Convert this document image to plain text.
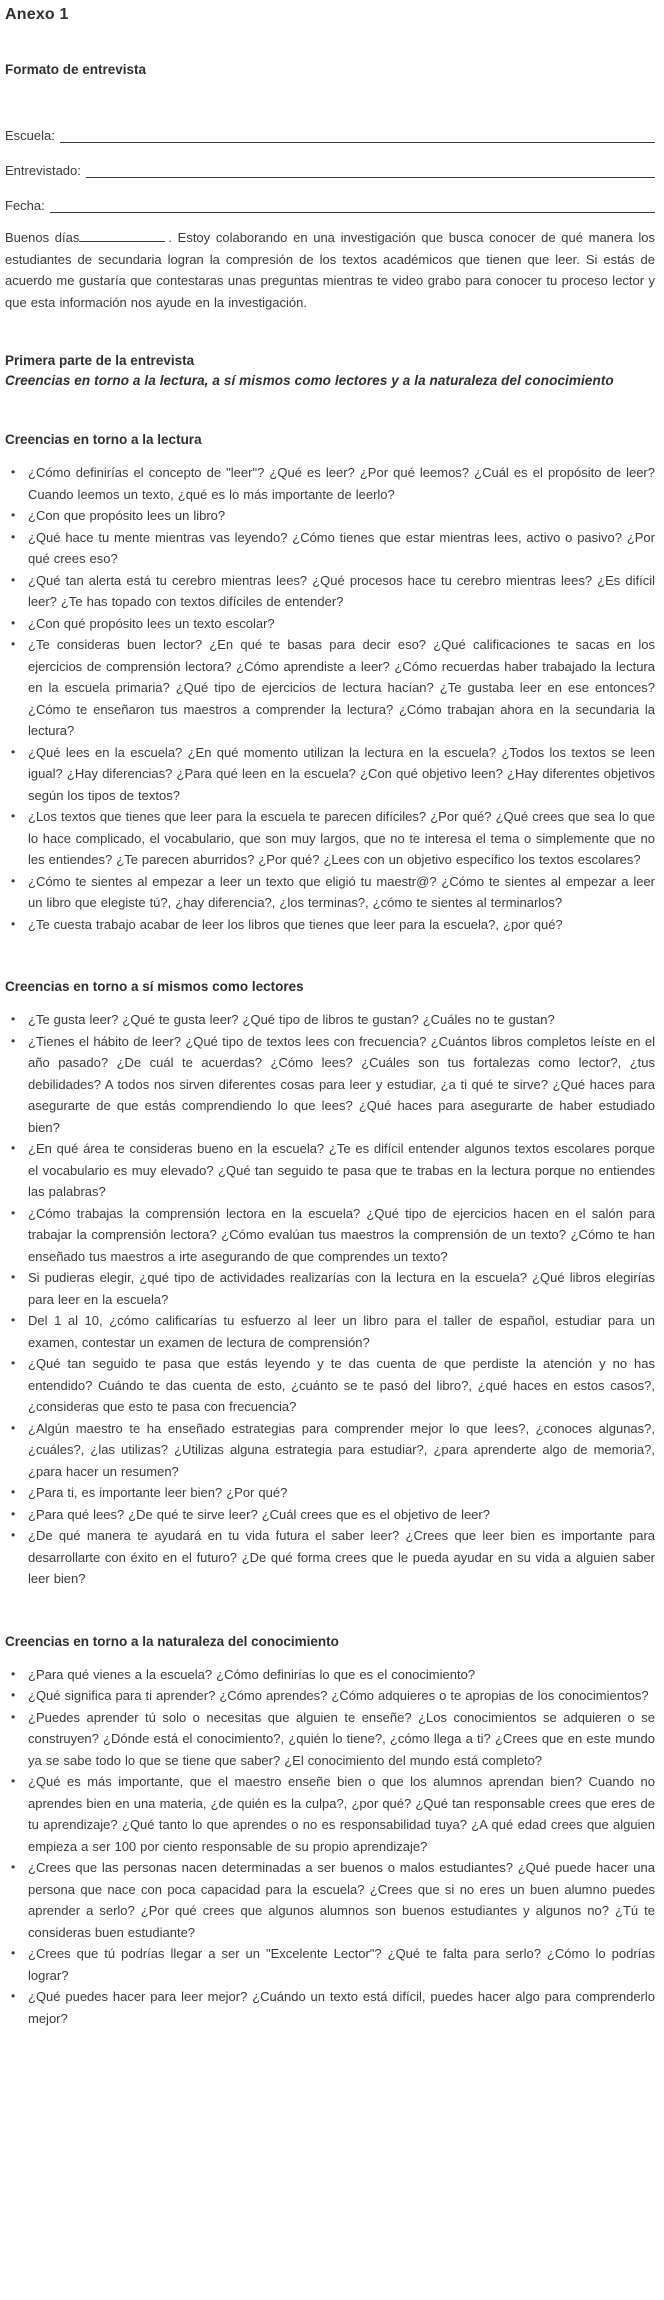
Anexo 1
Formato de entrevista
Escuela:
Entrevistado:
Fecha:

Buenos días	. Estoy colaborando en una investigación que busca conocer de qué manera los estudiantes de secundaria logran la compresión de los textos académicos que tienen que leer. Si estás de acuerdo me gustaría que contestaras unas preguntas mientras te video grabo para conocer tu proceso lector y que esta información nos ayude en la investigación.

Primera parte de la entrevista

Creencias en torno a la lectura, a sí mismos como lectores y a la naturaleza del conocimiento

Creencias en torno a la lectura
• ¿Cómo definirías el concepto de "leer"? ¿Qué es leer? ¿Por qué leemos? ¿Cuál es el propósito de leer? Cuando leemos un texto, ¿qué es lo más importante de leerlo?
• ¿Con que propósito lees un libro?
• ¿Qué hace tu mente mientras vas leyendo? ¿Cómo tienes que estar mientras lees, activo o pasivo? ¿Por qué crees eso?
• ¿Qué tan alerta está tu cerebro mientras lees? ¿Qué procesos hace tu cerebro mientras lees? ¿Es difícil leer? ¿Te has topado con textos difíciles de entender?
• ¿Con qué propósito lees un texto escolar?
• ¿Te consideras buen lector? ¿En qué te basas para decir eso? ¿Qué calificaciones te sacas en los ejercicios de comprensión lectora? ¿Cómo aprendiste a leer? ¿Cómo recuerdas haber trabajado la lectura en la escuela primaria? ¿Qué tipo de ejercicios de lectura hacían? ¿Te gustaba leer en ese entonces? ¿Cómo te enseñaron tus maestros a comprender la lectura? ¿Cómo trabajan ahora en la secundaria la lectura?
• ¿Qué lees en la escuela? ¿En qué momento utilizan la lectura en la escuela? ¿Todos los textos se leen igual? ¿Hay diferencias? ¿Para qué leen en la escuela? ¿Con qué objetivo leen? ¿Hay diferentes objetivos según los tipos de textos?
• ¿Los textos que tienes que leer para la escuela te parecen difíciles? ¿Por qué? ¿Qué crees que sea lo que lo hace complicado, el vocabulario, que son muy largos, que no te interesa el tema o simplemente que no les entiendes? ¿Te parecen aburridos? ¿Por qué? ¿Lees con un objetivo específico los textos escolares?
• ¿Cómo te sientes al empezar a leer un texto que eligió tu maestr@? ¿Cómo te sientes al empezar a leer un libro que elegiste tú?, ¿hay diferencia?, ¿los terminas?, ¿cómo te sientes al terminarlos?
• ¿Te cuesta trabajo acabar de leer los libros que tienes que leer para la escuela?, ¿por qué?
Creencias en torno a sí mismos como lectores
• ¿Te gusta leer? ¿Qué te gusta leer? ¿Qué tipo de libros te gustan? ¿Cuáles no te gustan?
• ¿Tienes el hábito de leer? ¿Qué tipo de textos lees con frecuencia? ¿Cuántos libros completos leíste en el año pasado? ¿De cuál te acuerdas? ¿Cómo lees? ¿Cuáles son tus fortalezas como lector?, ¿tus debilidades? A todos nos sirven diferentes cosas para leer y estudiar, ¿a ti qué te sirve? ¿Qué haces para asegurarte de que estás comprendiendo lo que lees? ¿Qué haces para asegurarte de haber estudiado bien?
• ¿En qué área te consideras bueno en la escuela? ¿Te es difícil entender algunos textos escolares porque el vocabulario es muy elevado? ¿Qué tan seguido te pasa que te trabas en la lectura porque no entiendes las palabras?
• ¿Cómo trabajas la comprensión lectora en la escuela? ¿Qué tipo de ejercicios hacen en el salón para trabajar la comprensión lectora? ¿Cómo evalúan tus maestros la comprensión de un texto? ¿Cómo te han enseñado tus maestros a irte asegurando de que comprendes un texto?
• Si pudieras elegir, ¿qué tipo de actividades realizarías con la lectura en la escuela? ¿Qué libros elegirías para leer en la escuela?
• Del 1 al 10, ¿cómo calificarías tu esfuerzo al leer un libro para el taller de español, estudiar para un examen, contestar un examen de lectura de comprensión?
• ¿Qué tan seguido te pasa que estás leyendo y te das cuenta de que perdiste la atención y no has entendido? Cuándo te das cuenta de esto, ¿cuánto se te pasó del libro?, ¿qué haces en estos casos?, ¿consideras que esto te pasa con frecuencia?
• ¿Algún maestro te ha enseñado estrategias para comprender mejor lo que lees?, ¿conoces algunas?, ¿cuáles?, ¿las utilizas? ¿Utilizas alguna estrategia para estudiar?, ¿para aprenderte algo de memoria?, ¿para hacer un resumen?
• ¿Para ti, es importante leer bien? ¿Por qué?
• ¿Para qué lees? ¿De qué te sirve leer? ¿Cuál crees que es el objetivo de leer?
• ¿De qué manera te ayudará en tu vida futura el saber leer? ¿Crees que leer bien es importante para desarrollarte con éxito en el futuro? ¿De qué forma crees que le pueda ayudar en su vida a alguien saber leer bien?
Creencias en torno a la naturaleza del conocimiento
• ¿Para qué vienes a la escuela? ¿Cómo definirías lo que es el conocimiento?
• ¿Qué significa para ti aprender? ¿Cómo aprendes? ¿Cómo adquieres o te apropias de los conocimientos?
• ¿Puedes aprender tú solo o necesitas que alguien te enseñe? ¿Los conocimientos se adquieren o se construyen? ¿Dónde está el conocimiento?, ¿quién lo tiene?, ¿cómo llega a ti? ¿Crees que en este mundo ya se sabe todo lo que se tiene que saber? ¿El conocimiento del mundo está completo?
• ¿Qué es más importante, que el maestro enseñe bien o que los alumnos aprendan bien? Cuando no aprendes bien en una materia, ¿de quién es la culpa?, ¿por qué? ¿Qué tan responsable crees que eres de tu aprendizaje? ¿Qué tanto lo que aprendes o no es responsabilidad tuya? ¿A qué edad crees que alguien empieza a ser 100 por ciento responsable de su propio aprendizaje?
• ¿Crees que las personas nacen determinadas a ser buenos o malos estudiantes? ¿Qué puede hacer una persona que nace con poca capacidad para la escuela? ¿Crees que si no eres un buen alumno puedes aprender a serlo? ¿Por qué crees que algunos alumnos son buenos estudiantes y algunos no? ¿Tú te consideras buen estudiante?
• ¿Crees que tú podrías llegar a ser un "Excelente Lector"? ¿Qué te falta para serlo? ¿Cómo lo podrías lograr?
• ¿Qué puedes hacer para leer mejor? ¿Cuándo un texto está difícil, puedes hacer algo para comprenderlo mejor?
